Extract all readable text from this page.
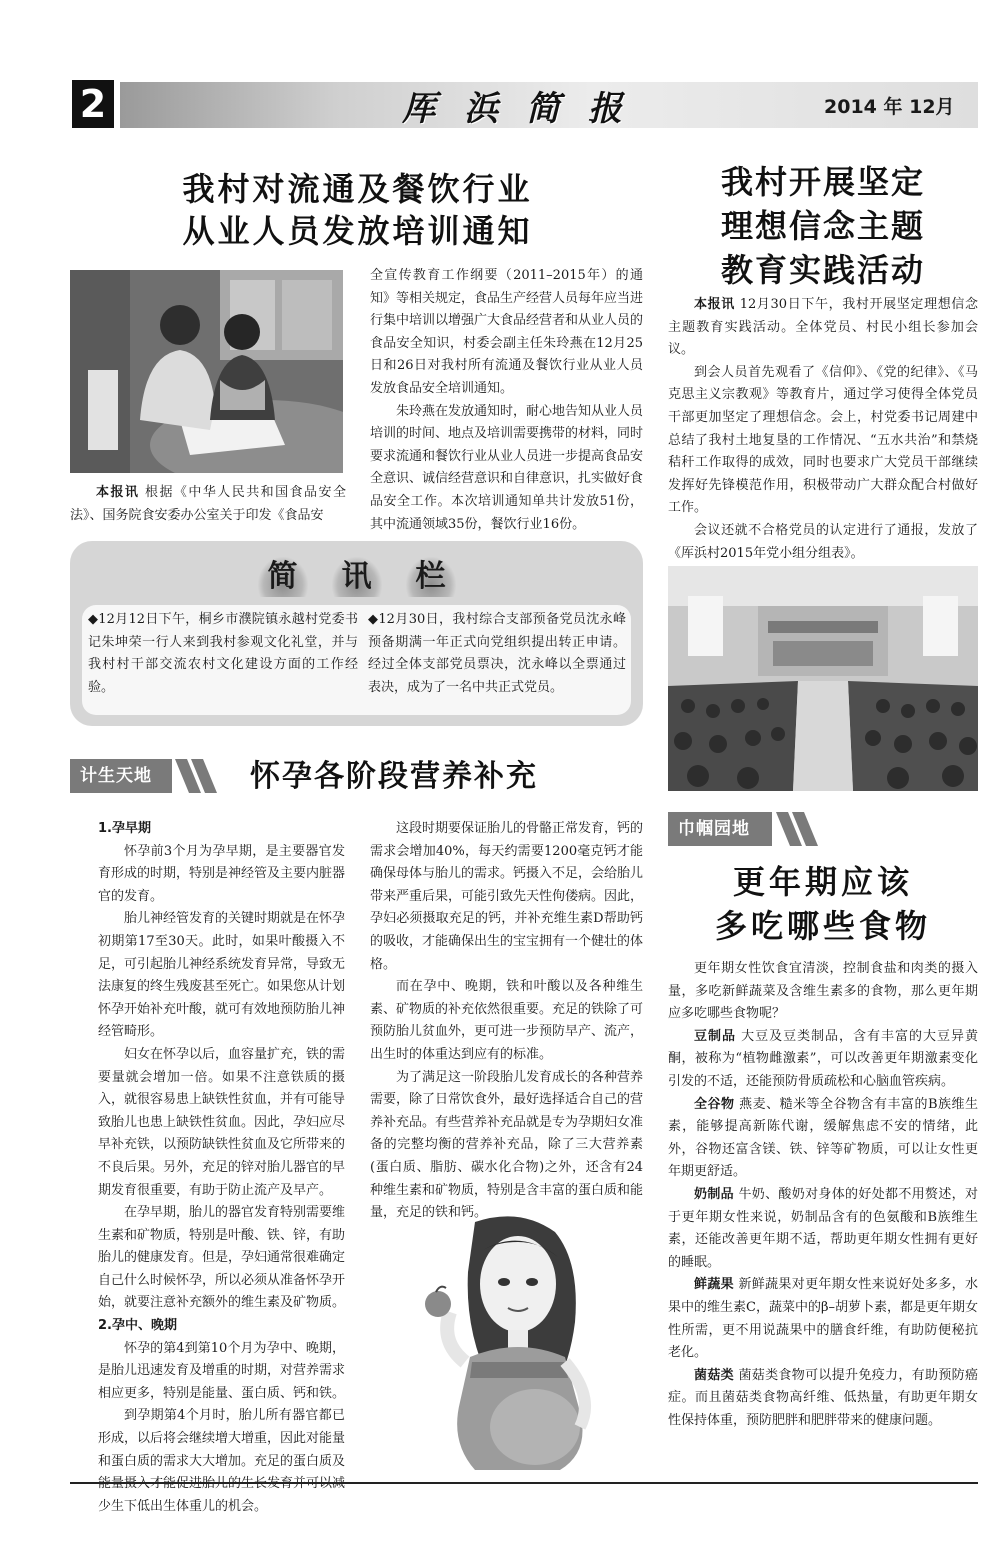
2	厍 浜 简 报	2014 年 12月
我村对流通及餐饮行业
从业人员发放培训通知

本报讯 根据《中华人民共和国食品安全法》、国务院食安委办公室关于印发《食品安

全宣传教育工作纲要（2011–2015年）的通知》等相关规定，食品生产经营人员每年应当进行集中培训以增强广大食品经营者和从业人员的食品安全知识，村委会副主任朱玲燕在12月25日和26日对我村所有流通及餐饮行业从业人员发放食品安全培训通知。

朱玲燕在发放通知时，耐心地告知从业人员培训的时间、地点及培训需要携带的材料，同时要求流通和餐饮行业从业人员进一步提高食品安全意识、诚信经营意识和自律意识，扎实做好食品安全工作。本次培训通知单共计发放51份，其中流通领域35份，餐饮行业16份。

我村开展坚定
理想信念主题
教育实践活动

本报讯 12月30日下午，我村开展坚定理想信念主题教育实践活动。全体党员、村民小组长参加会议。

到会人员首先观看了《信仰》、《党的纪律》、《马克思主义宗教观》等教育片，通过学习使得全体党员干部更加坚定了理想信念。会上，村党委书记周建中总结了我村土地复垦的工作情况、“五水共治”和禁烧秸秆工作取得的成效，同时也要求广大党员干部继续发挥好先锋模范作用，积极带动广大群众配合村做好工作。

会议还就不合格党员的认定进行了通报，发放了《厍浜村2015年党小组分组表》。

简	讯	栏

◆12月12日下午，桐乡市濮院镇永越村党委书记朱坤荣一行人来到我村参观文化礼堂，并与我村村干部交流农村文化建设方面的工作经验。

◆12月30日，我村综合支部预备党员沈永峰预备期满一年正式向党组织提出转正申请。经过全体支部党员票决，沈永峰以全票通过表决，成为了一名中共正式党员。

计生天地	怀孕各阶段营养补充

1.孕早期

怀孕前3个月为孕早期，是主要器官发育形成的时期，特别是神经管及主要内脏器官的发育。

胎儿神经管发育的关键时期就是在怀孕初期第17至30天。此时，如果叶酸摄入不足，可引起胎儿神经系统发育异常，导致无法康复的终生残废甚至死亡。如果您从计划怀孕开始补充叶酸，就可有效地预防胎儿神经管畸形。

妇女在怀孕以后，血容量扩充，铁的需要量就会增加一倍。如果不注意铁质的摄入，就很容易患上缺铁性贫血，并有可能导致胎儿也患上缺铁性贫血。因此，孕妇应尽早补充铁，以预防缺铁性贫血及它所带来的不良后果。另外，充足的锌对胎儿器官的早期发育很重要，有助于防止流产及早产。

在孕早期，胎儿的器官发育特别需要维生素和矿物质，特别是叶酸、铁、锌，有助胎儿的健康发育。但是，孕妇通常很难确定自己什么时候怀孕，所以必须从准备怀孕开始，就要注意补充额外的维生素及矿物质。

2.孕中、晚期

怀孕的第4到第10个月为孕中、晚期，是胎儿迅速发育及增重的时期，对营养需求相应更多，特别是能量、蛋白质、钙和铁。

到孕期第4个月时，胎儿所有器官都已形成，以后将会继续增大增重，因此对能量和蛋白质的需求大大增加。充足的蛋白质及 少生下低出生体重儿的机会。

这段时期要保证胎儿的骨骼正常发育，钙的需求会增加40%，每天约需要1200毫克钙才能确保母体与胎儿的需求。钙摄入不足，会给胎儿带来严重后果，可能引致先天性佝偻病。因此，孕妇必须摄取充足的钙，并补充维生素D帮助钙的吸收，才能确保出生的宝宝拥有一个健壮的体格。

而在孕中、晚期，铁和叶酸以及各种维生素、矿物质的补充依然很重要。充足的铁除了可预防胎儿贫血外，更可进一步预防早产、流产，出生时的体重达到应有的标准。

为了满足这一阶段胎儿发育成长的各种营养需要，除了日常饮食外，最好选择适合自己的营养补充品。有些营养补充品就是专为孕期妇女准备的完整均衡的营养补充品，除了三大营养素(蛋白质、脂肪、碳水化合物)之外，还含有24种维生素和矿物质，特别是含丰富的蛋白质和能量，充足的铁和钙。

巾帼园地
更年期应该
多吃哪些食物

更年期女性饮食宜清淡，控制食盐和肉类的摄入量，多吃新鲜蔬菜及含维生素多的食物，那么更年期应多吃哪些食物呢？

豆制品 大豆及豆类制品，含有丰富的大豆异黄酮，被称为“植物雌激素”，可以改善更年期激素变化引发的不适，还能预防骨质疏松和心脑血管疾病。

全谷物 燕麦、糙米等全谷物含有丰富的B族维生素，能够提高新陈代谢，缓解焦虑不安的情绪，此外，谷物还富含镁、铁、锌等矿物质，可以让女性更年期更舒适。

奶制品 牛奶、酸奶对身体的好处都不用赘述，对于更年期女性来说，奶制品含有的色氨酸和B族维生素，还能改善更年期不适，帮助更年期女性拥有更好的睡眠。

鲜蔬果 新鲜蔬果对更年期女性来说好处多多，水果中的维生素C，蔬菜中的β–胡萝卜素，都是更年期女性所需，更不用说蔬果中的膳食纤维，有助防便秘抗老化。

菌菇类 菌菇类食物可以提升免疫力，有助预防癌症。而且菌菇类食物高纤维、低热量，有助更年期女性保持体重，预防肥胖和肥胖带来的健康问题。
